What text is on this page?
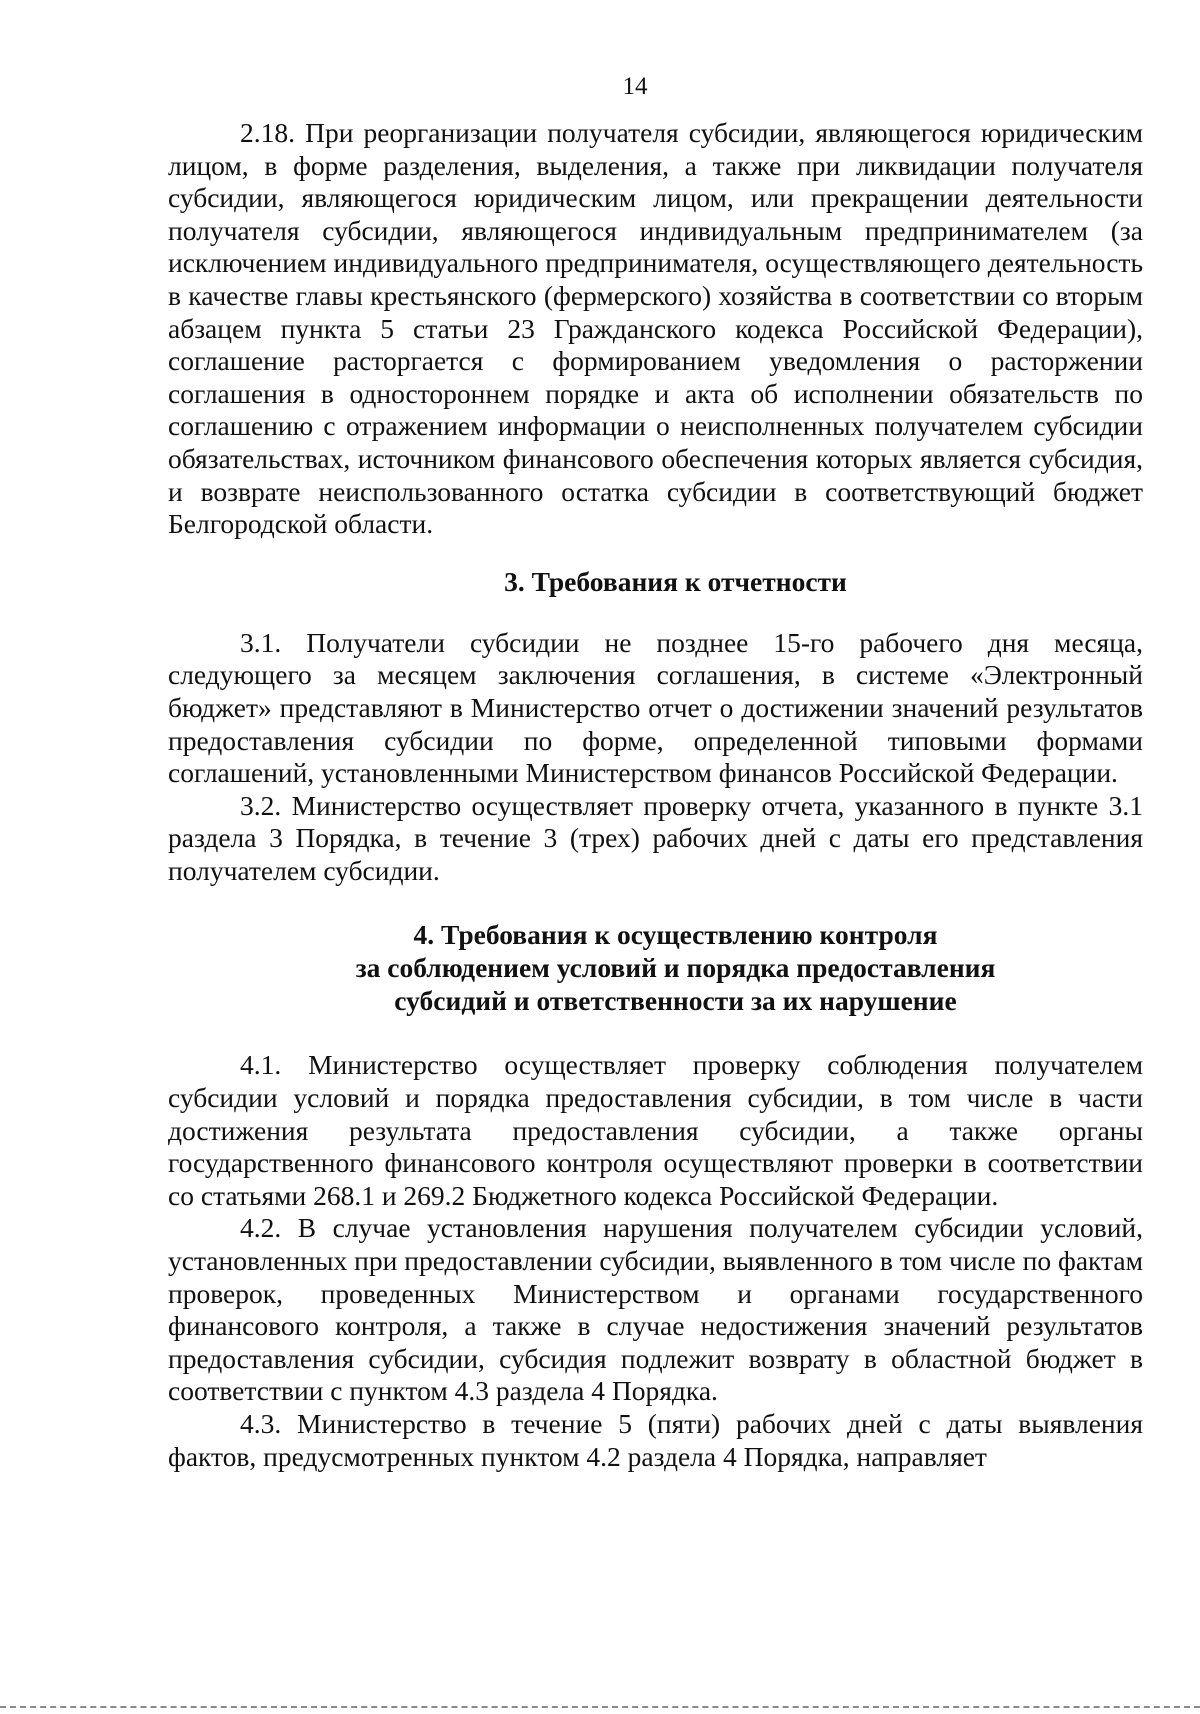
14

2.18. При реорганизации получателя субсидии, являющегося юридическим лицом, в форме разделения, выделения, а также при ликвидации получателя субсидии, являющегося юридическим лицом, или прекращении деятельности получателя субсидии, являющегося индивидуальным предпринимателем (за исключением индивидуального предпринимателя, осуществляющего деятельность в качестве главы крестьянского (фермерского) хозяйства в соответствии со вторым абзацем пункта 5 статьи 23 Гражданского кодекса Российской Федерации), соглашение расторгается с формированием уведомления о расторжении соглашения в одностороннем порядке и акта об исполнении обязательств по соглашению с отражением информации о неисполненных получателем субсидии обязательствах, источником финансового обеспечения которых является субсидия, и возврате неиспользованного остатка субсидии в соответствующий бюджет Белгородской области.

3. Требования к отчетности

3.1. Получатели субсидии не позднее 15-го рабочего дня месяца, следующего за месяцем заключения соглашения, в системе «Электронный бюджет» представляют в Министерство отчет о достижении значений результатов предоставления субсидии по форме, определенной типовыми формами соглашений, установленными Министерством финансов Российской Федерации.

3.2. Министерство осуществляет проверку отчета, указанного в пункте 3.1 раздела 3 Порядка, в течение 3 (трех) рабочих дней с даты его представления получателем субсидии.

4. Требования к осуществлению контроля
за соблюдением условий и порядка предоставления
субсидий и ответственности за их нарушение

4.1. Министерство осуществляет проверку соблюдения получателем субсидии условий и порядка предоставления субсидии, в том числе в части достижения результата предоставления субсидии, а также органы государственного финансового контроля осуществляют проверки в соответствии со статьями 268.1 и 269.2 Бюджетного кодекса Российской Федерации.

4.2. В случае установления нарушения получателем субсидии условий, установленных при предоставлении субсидии, выявленного в том числе по фактам проверок, проведенных Министерством и органами государственного финансового контроля, а также в случае недостижения значений результатов предоставления субсидии, субсидия подлежит возврату в областной бюджет в соответствии с пунктом 4.3 раздела 4 Порядка.

4.3. Министерство в течение 5 (пяти) рабочих дней с даты выявления фактов, предусмотренных пунктом 4.2 раздела 4 Порядка, направляет
